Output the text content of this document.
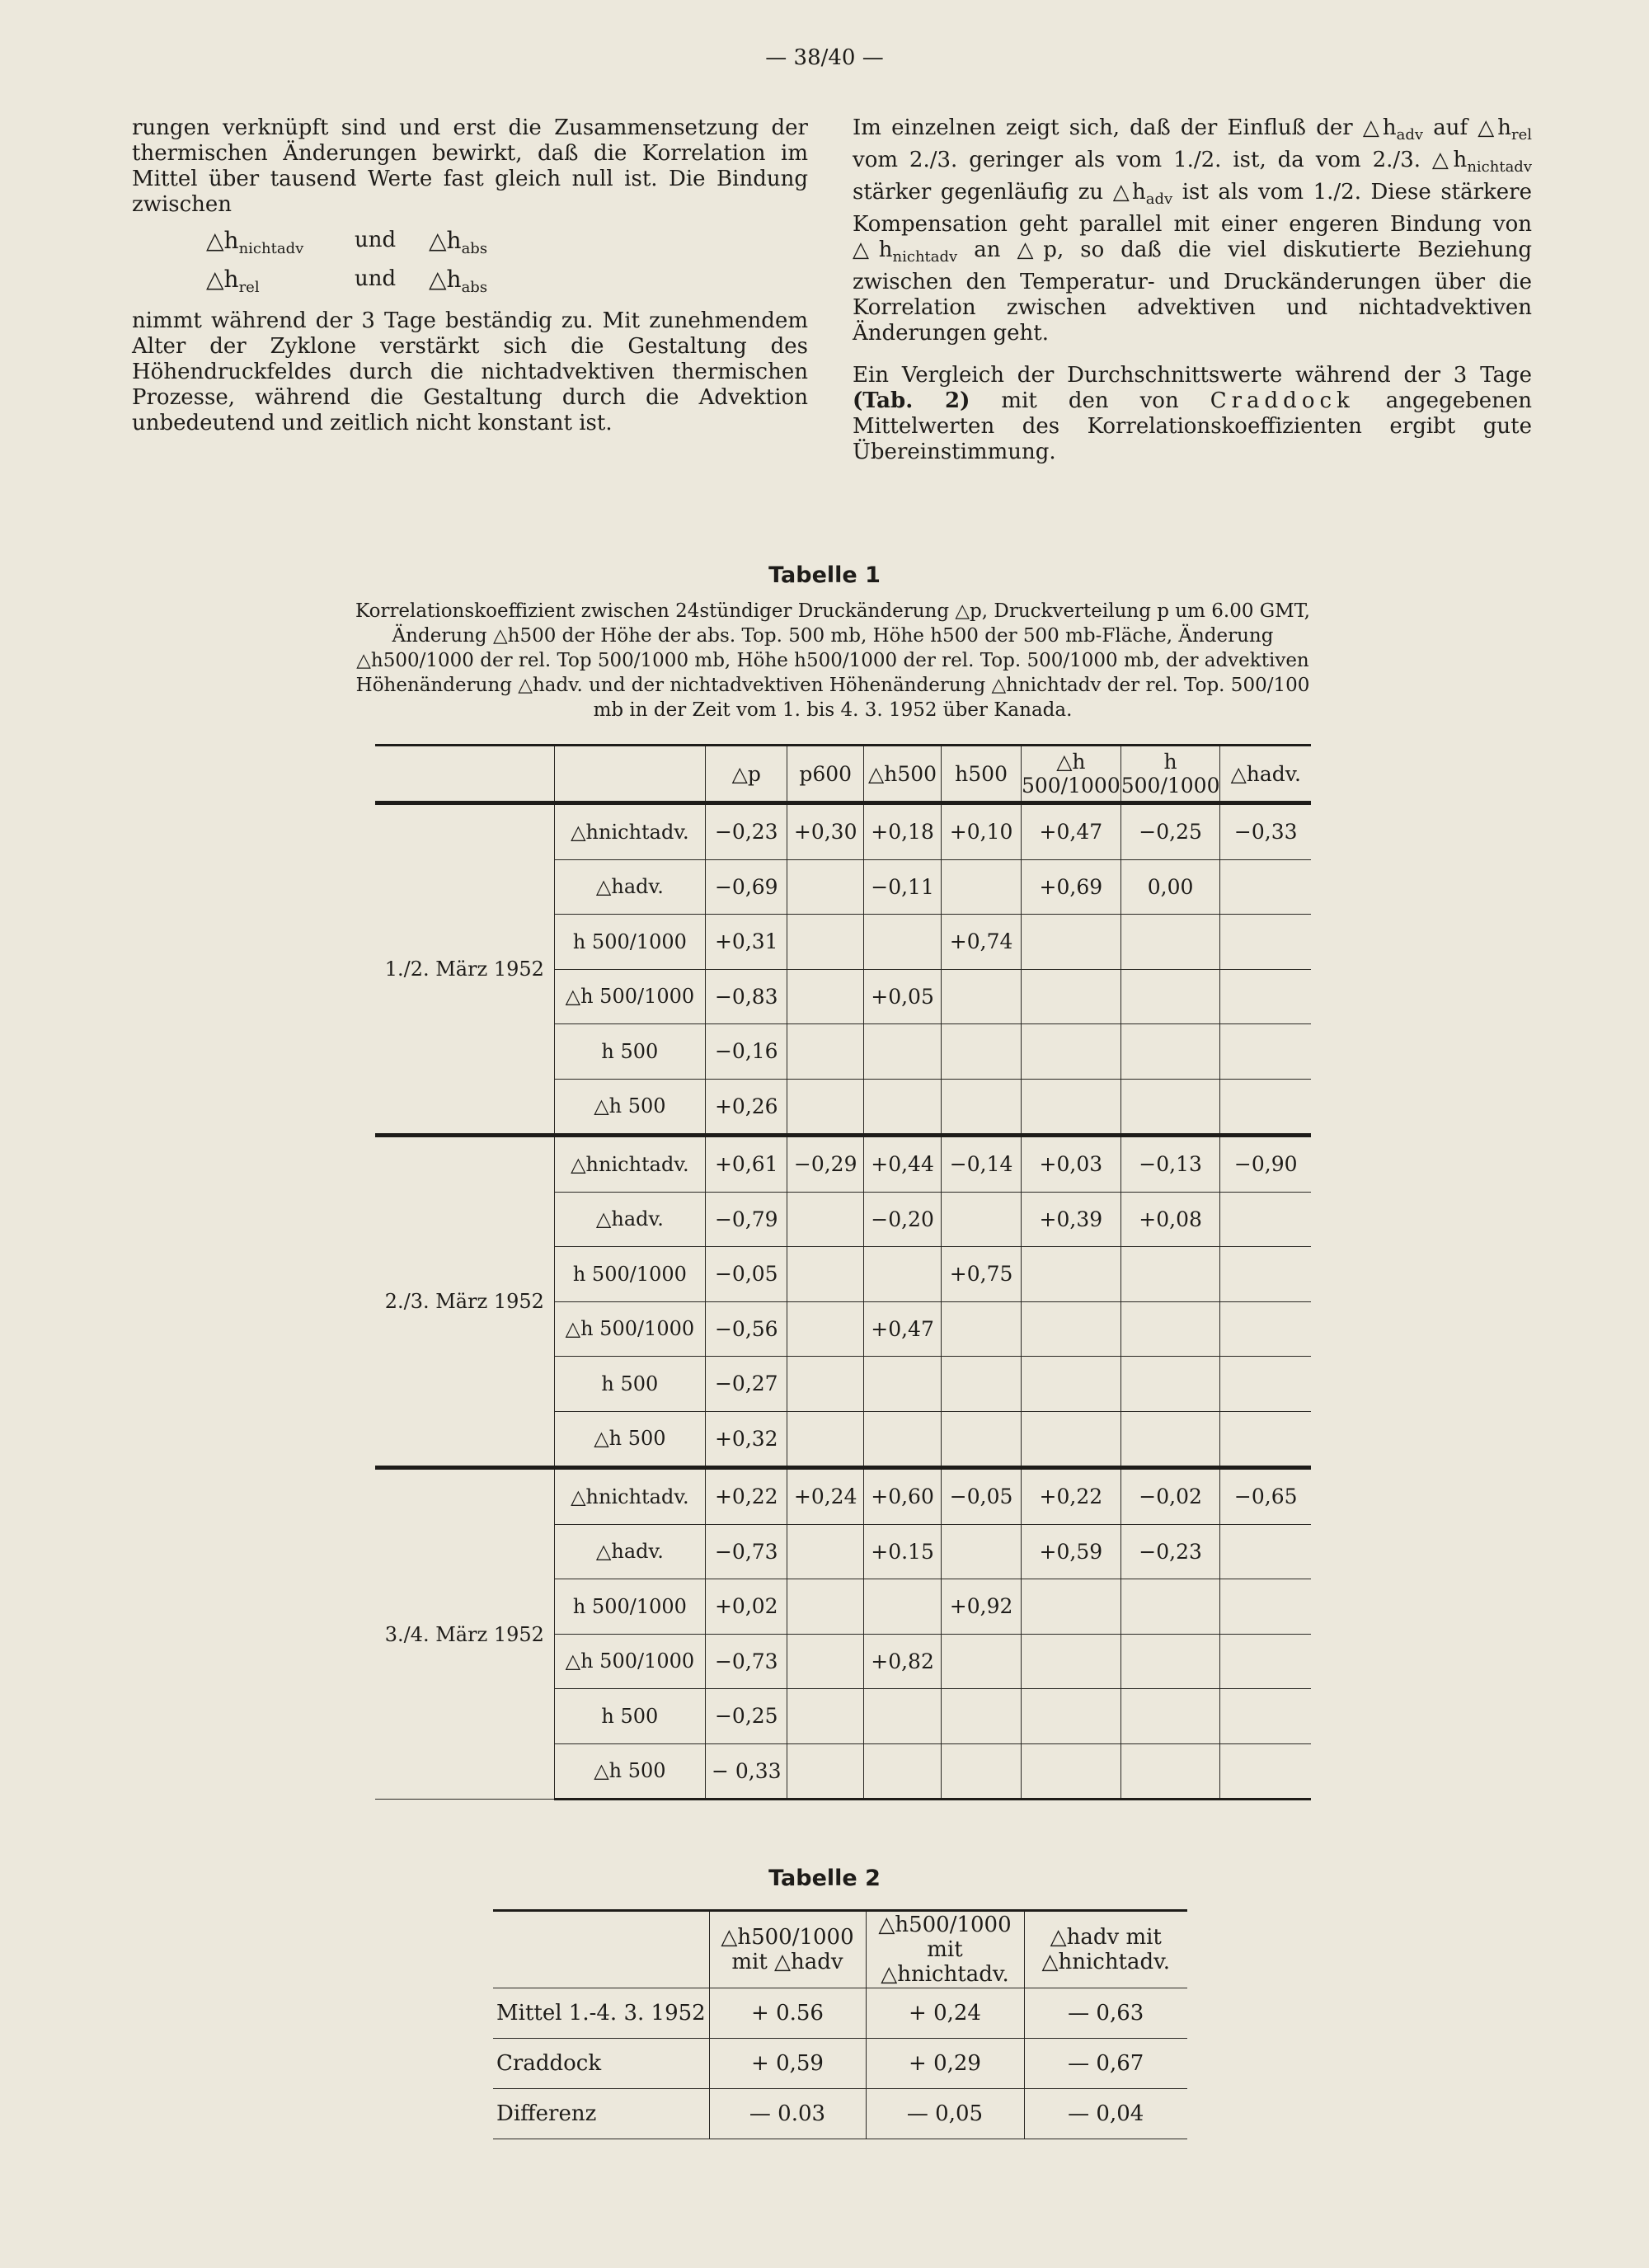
— 38/40 —

rungen verknüpft sind und erst die Zusammensetzung der thermischen Änderungen bewirkt, daß die Korrelation im Mittel über tausend Werte fast gleich null ist. Die Bindung zwischen

$\triangle h_{nichtadv}$	und	$\triangle h_{abs}$
$\triangle h_{rel}$	und	$\triangle h_{abs}$

nimmt während der 3 Tage beständig zu. Mit zunehmendem Alter der Zyklone verstärkt sich die Gestaltung des Höhendruckfeldes durch die nichtadvektiven thermischen Prozesse, während die Gestaltung durch die Advektion unbedeutend und zeitlich nicht konstant ist.

Im einzelnen zeigt sich, daß der Einfluß der $\triangle h_{adv}$ auf $\triangle h_{rel}$ vom 2./3. geringer als vom 1./2. ist, da vom 2./3. $\triangle h_{nichtadv}$ stärker gegenläufig zu $\triangle h_{adv}$ ist als vom 1./2. Diese stärkere Kompensation geht parallel mit einer engeren Bindung von $\triangle h_{nichtadv}$ an △p, so daß die viel diskutierte Beziehung zwischen den Temperatur- und Druckänderungen über die Korrelation zwischen advektiven und nichtadvektiven Änderungen geht.

Ein Vergleich der Durchschnittswerte während der 3 Tage (Tab. 2) mit den von Craddock angegebenen Mittelwerten des Korrelationskoeffizienten ergibt gute Übereinstimmung.

Tabelle 1
Korrelationskoeffizient zwischen 24stündiger Druckänderung △p, Druckverteilung p um 6.00 GMT, Änderung △h500 der Höhe der abs. Top. 500 mb, Höhe h500 der 500 mb-Fläche, Änderung △h500/1000 der rel. Top 500/1000 mb, Höhe h500/1000 der rel. Top. 500/1000 mb, der advektiven Höhenänderung △hadv. und der nichtadvektiven Höhenänderung △hnichtadv der rel. Top. 500/100 mb in der Zeit vom 1. bis 4. 3. 1952 über Kanada.
		△p	p600	△h500	h500	△h 500/1000	h 500/1000	△hadv.
1./2. März 1952	△hnichtadv.	−0,23	+0,30	+0,18	+0,10	+0,47	−0,25	−0,33
	△hadv.	−0,69		−0,11		+0,69	0,00	
	h 500/1000	+0,31			+0,74			
	△h 500/1000	−0,83		+0,05				
	h 500	−0,16						
	△h 500	+0,26						
2./3. März 1952	△hnichtadv.	+0,61	−0,29	+0,44	−0,14	+0,03	−0,13	−0,90
	△hadv.	−0,79		−0,20		+0,39	+0,08	
	h 500/1000	−0,05			+0,75			
	△h 500/1000	−0,56		+0,47				
	h 500	−0,27						
	△h 500	+0,32						
3./4. März 1952	△hnichtadv.	+0,22	+0,24	+0,60	−0,05	+0,22	−0,02	−0,65
	△hadv.	−0,73		+0.15		+0,59	−0,23	
	h 500/1000	+0,02			+0,92			
	△h 500/1000	−0,73		+0,82				
	h 500	−0,25						
	△h 500	− 0,33						
Tabelle 2
	△h500/1000 mit △hadv	△h500/1000 mit △hnichtadv.	△hadv mit △hnichtadv.
Mittel 1.-4. 3. 1952	+ 0.56	+ 0,24	— 0,63
Craddock	+ 0,59	+ 0,29	— 0,67
Differenz	— 0.03	— 0,05	— 0,04
